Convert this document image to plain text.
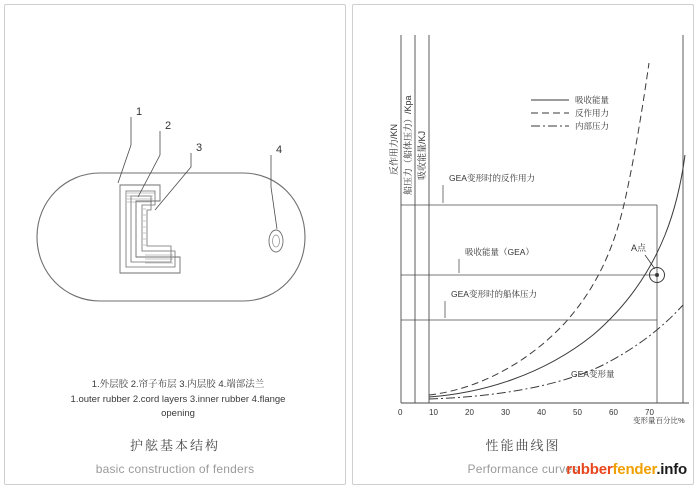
1
2
3	4
1.外层胶 2.帘子布层 3.内层胶 4.端部法兰
1.outer rubber 2.cord layers 3.inner rubber 4.flange opening
护舷基本结构
basic construction of fenders
反作用力/KN 船压力（船体压力）/Kpa 吸收能量/KJ
A点
吸收能量
反作用力
内部压力
GEA变形时的反作用力
吸收能量（GEA）
GEA变形时的船体压力
GEA变形量
0	10	20	30	40	50	60	70
变形量百分比%
性能曲线图
Performance curves
rubberfender.info
